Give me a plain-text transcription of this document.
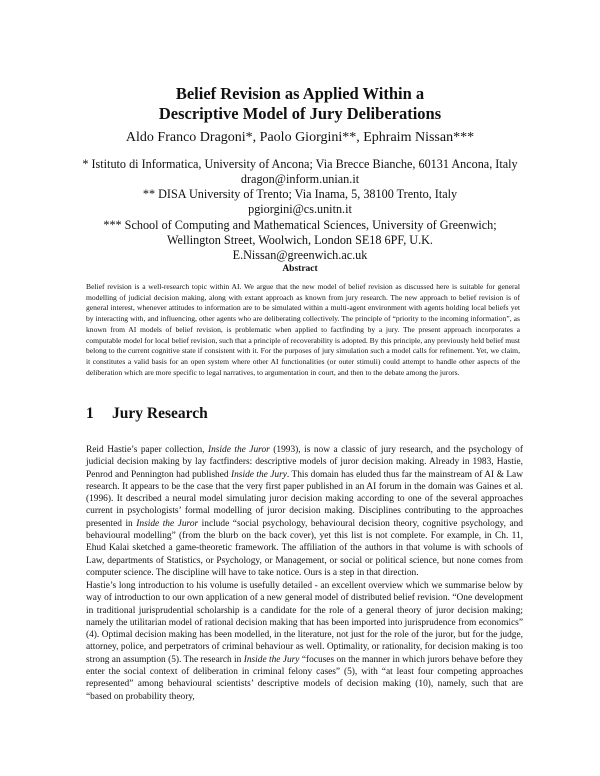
Belief Revision as Applied Within a
Descriptive Model of Jury Deliberations
Aldo Franco Dragoni*, Paolo Giorgini**, Ephraim Nissan***
* Istituto di Informatica, University of Ancona; Via Brecce Bianche, 60131 Ancona, Italy
dragon@inform.unian.it
** DISA University of Trento; Via Inama, 5, 38100 Trento, Italy
pgiorgini@cs.unitn.it
*** School of Computing and Mathematical Sciences, University of Greenwich;
Wellington Street, Woolwich, London SE18 6PF, U.K.
E.Nissan@greenwich.ac.uk
Abstract
Belief revision is a well-research topic within AI. We argue that the new model of belief revision as discussed here is suitable for general modelling of judicial decision making, along with extant approach as known from jury research. The new approach to belief revision is of general interest, whenever attitudes to information are to be simulated within a multi-agent environment with agents holding local beliefs yet by interacting with, and influencing, other agents who are deliberating collectively. The principle of “priority to the incoming information”, as known from AI models of belief revision, is problematic when applied to factfinding by a jury. The present approach incorporates a computable model for local belief revision, such that a principle of recoverability is adopted. By this principle, any previously held belief must belong to the current cognitive state if consistent with it. For the purposes of jury simulation such a model calls for refinement. Yet, we claim, it constitutes a valid basis for an open system where other AI functionalities (or outer stimuli) could attempt to handle other aspects of the deliberation which are more specific to legal narratives, to argumentation in court, and then to the debate among the jurors.
1 Jury Research
Reid Hastie’s paper collection, Inside the Juror (1993), is now a classic of jury research, and the psychology of judicial decision making by lay factfinders: descriptive models of juror decision making. Already in 1983, Hastie, Penrod and Pennington had published Inside the Jury. This domain has eluded thus far the mainstream of AI & Law research. It appears to be the case that the very first paper published in an AI forum in the domain was Gaines et al. (1996). It described a neural model simulating juror decision making according to one of the several approaches current in psychologists’ formal modelling of juror decision making. Disciplines contributing to the approaches presented in Inside the Juror include “social psychology, behavioural decision theory, cognitive psychology, and behavioural modelling” (from the blurb on the back cover), yet this list is not complete. For example, in Ch. 11, Ehud Kalai sketched a game-theoretic framework. The affiliation of the authors in that volume is with schools of Law, departments of Statistics, or Psychology, or Management, or social or political science, but none comes from computer science. The discipline will have to take notice. Ours is a step in that direction.
Hastie’s long introduction to his volume is usefully detailed - an excellent overview which we summarise below by way of introduction to our own application of a new general model of distributed belief revision. “One development in traditional jurisprudential scholarship is a candidate for the role of a general theory of juror decision making; namely the utilitarian model of rational decision making that has been imported into jurisprudence from economics” (4). Optimal decision making has been modelled, in the literature, not just for the role of the juror, but for the judge, attorney, police, and perpetrators of criminal behaviour as well. Optimality, or rationality, for decision making is too strong an assumption (5). The research in Inside the Jury “focuses on the manner in which jurors behave before they enter the social context of deliberation in criminal felony cases” (5), with “at least four competing approaches represented” among behavioural scientists’ descriptive models of decision making (10), namely, such that are “based on probability theory,
